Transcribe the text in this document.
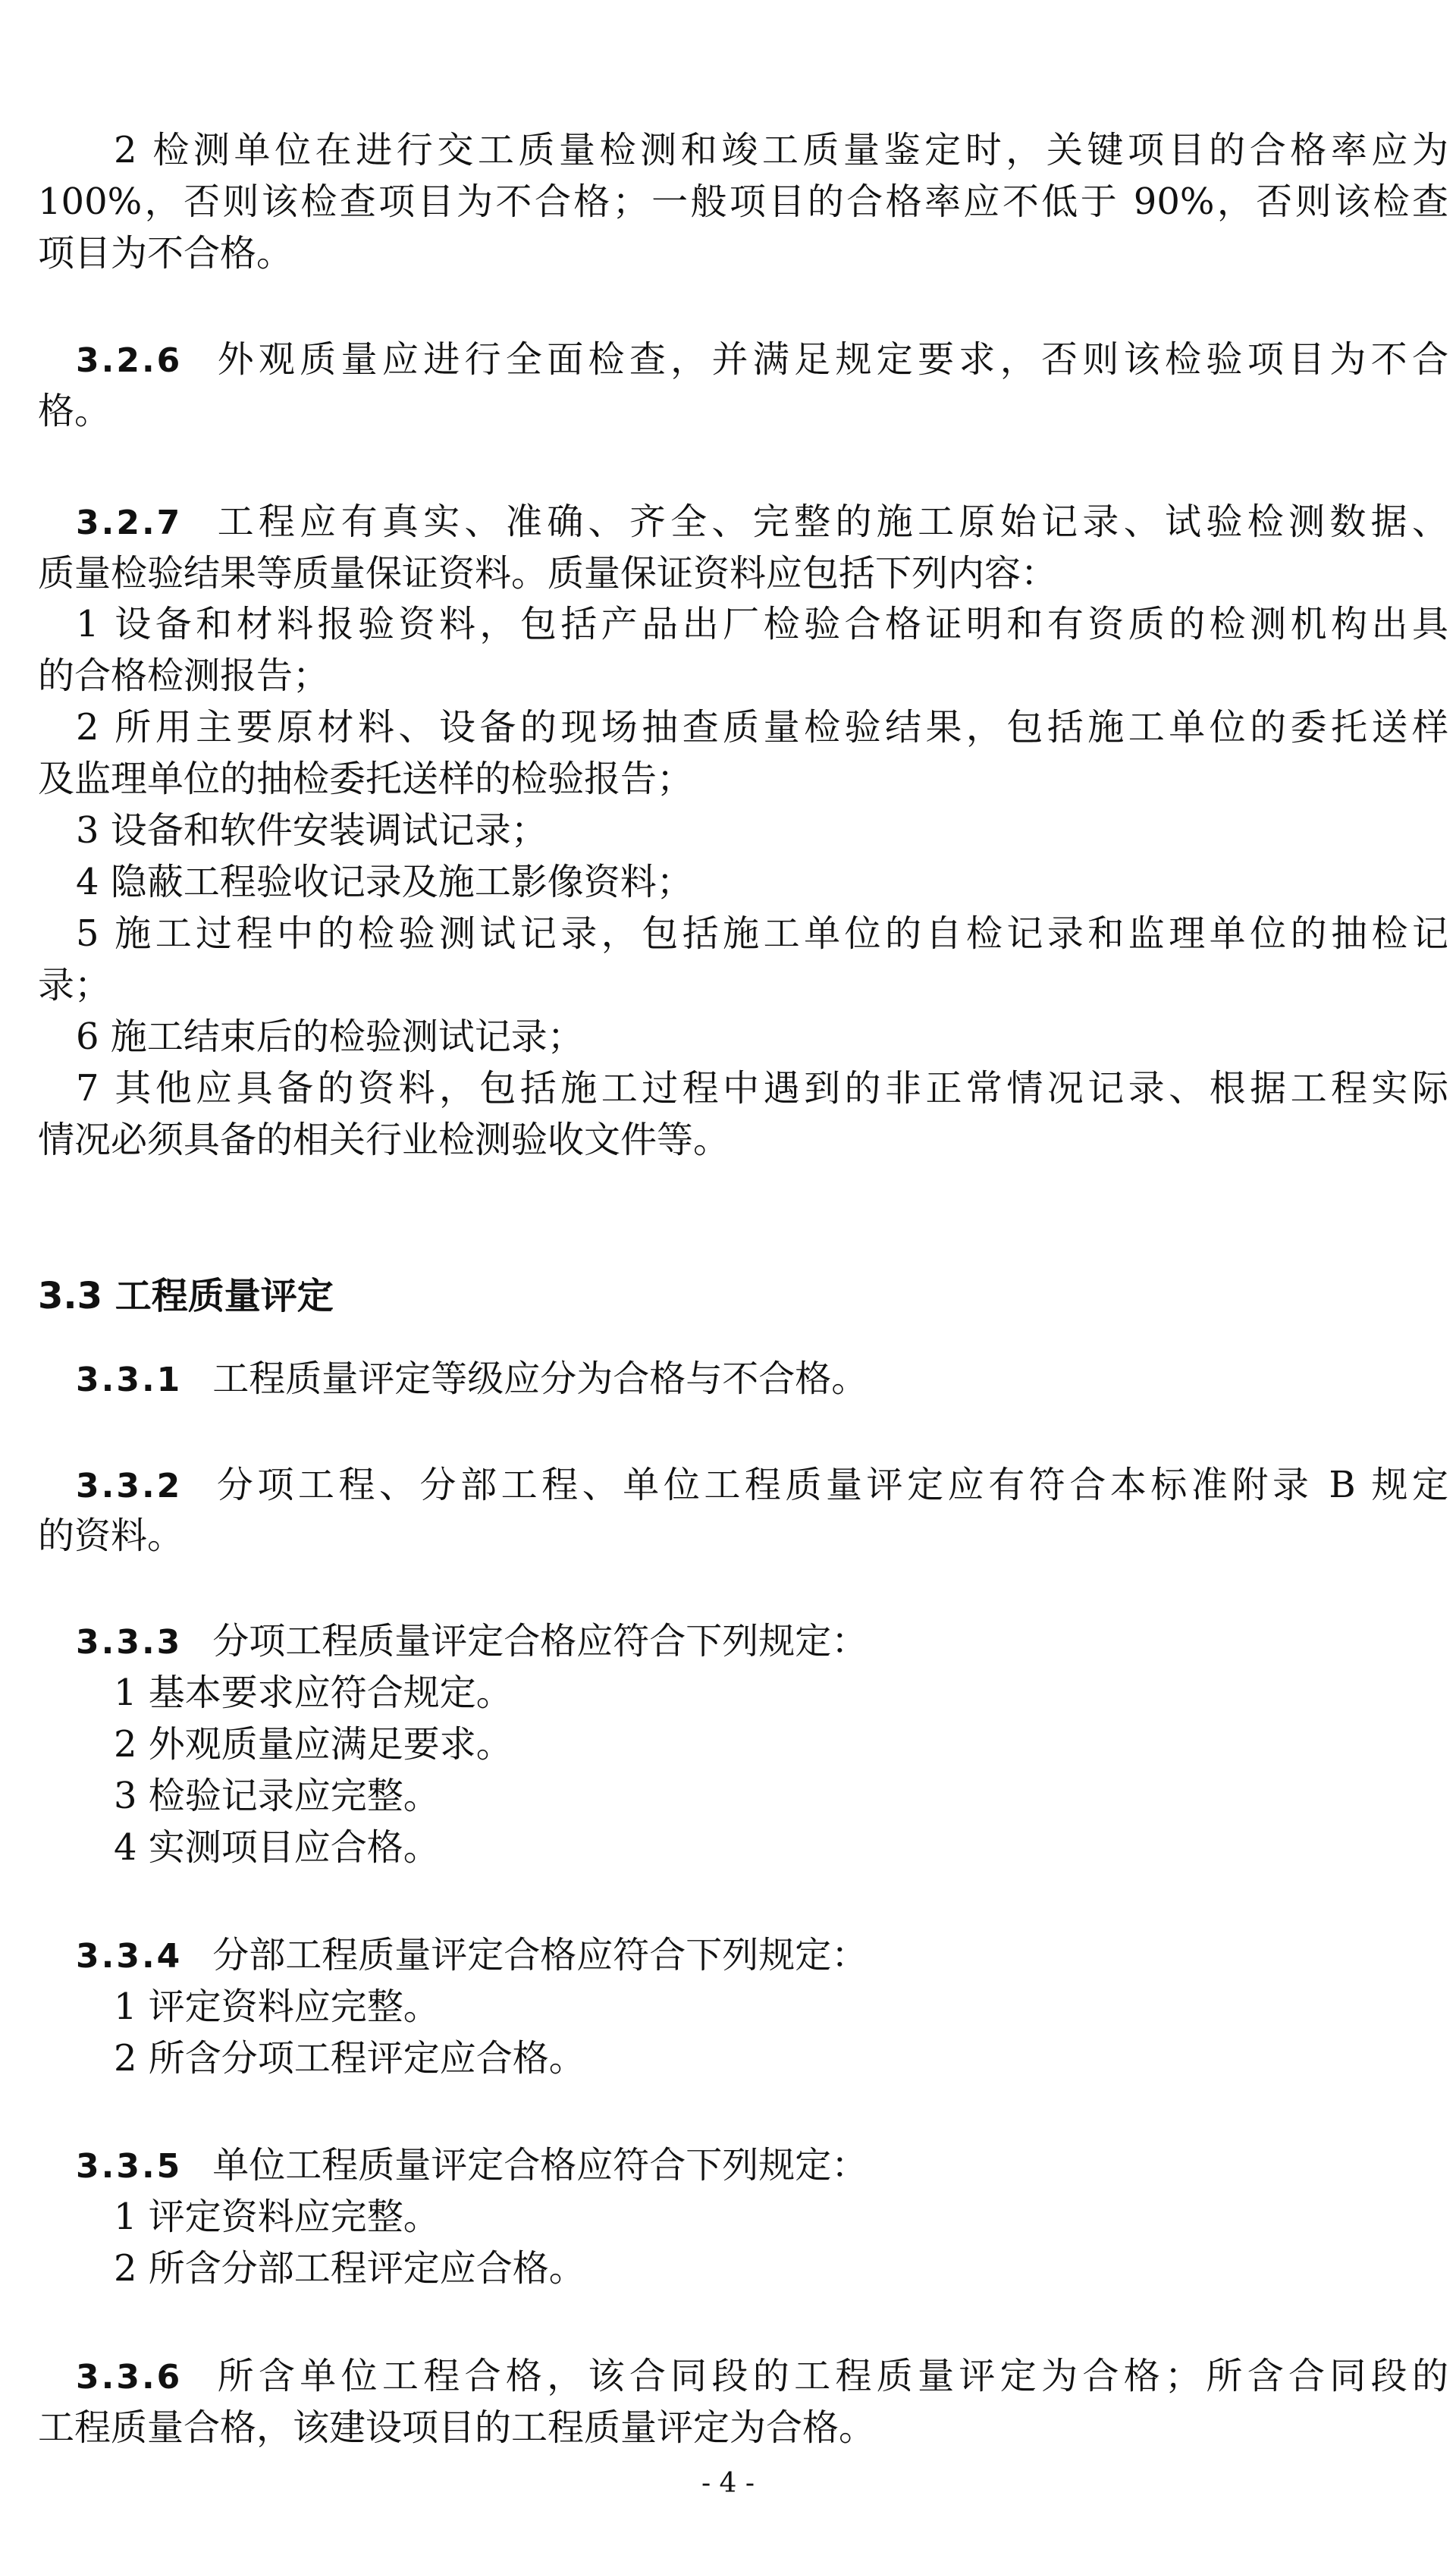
2 检测单位在进行交工质量检测和竣工质量鉴定时，关键项目的合格率应为
100%，否则该检查项目为不合格；一般项目的合格率应不低于 90%，否则该检查
项目为不合格。
3.2.6 外观质量应进行全面检查，并满足规定要求，否则该检验项目为不合
格。
3.2.7 工程应有真实、准确、齐全、完整的施工原始记录、试验检测数据、
质量检验结果等质量保证资料。质量保证资料应包括下列内容：
1 设备和材料报验资料，包括产品出厂检验合格证明和有资质的检测机构出具
的合格检测报告；
2 所用主要原材料、设备的现场抽查质量检验结果，包括施工单位的委托送样
及监理单位的抽检委托送样的检验报告；
3 设备和软件安装调试记录；
4 隐蔽工程验收记录及施工影像资料；
5 施工过程中的检验测试记录，包括施工单位的自检记录和监理单位的抽检记
录；
6 施工结束后的检验测试记录；
7 其他应具备的资料，包括施工过程中遇到的非正常情况记录、根据工程实际
情况必须具备的相关行业检测验收文件等。
3.3 工程质量评定
3.3.1 工程质量评定等级应分为合格与不合格。
3.3.2 分项工程、分部工程、单位工程质量评定应有符合本标准附录 B 规定
的资料。
3.3.3 分项工程质量评定合格应符合下列规定：
1 基本要求应符合规定。
2 外观质量应满足要求。
3 检验记录应完整。
4 实测项目应合格。
3.3.4 分部工程质量评定合格应符合下列规定：
1 评定资料应完整。
2 所含分项工程评定应合格。
3.3.5 单位工程质量评定合格应符合下列规定：
1 评定资料应完整。
2 所含分部工程评定应合格。
3.3.6 所含单位工程合格，该合同段的工程质量评定为合格；所含合同段的
工程质量合格，该建设项目的工程质量评定为合格。
- 4 -
